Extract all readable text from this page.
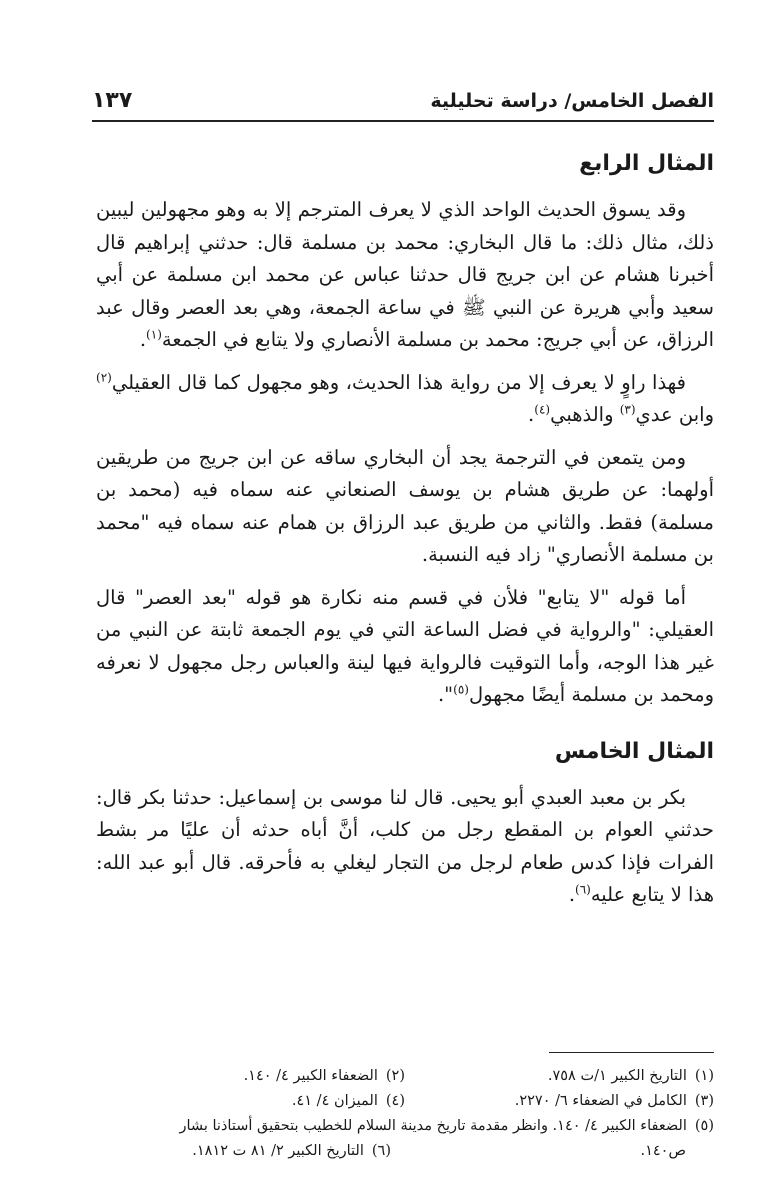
الفصل الخامس/ دراسة تحليلية
١٣٧
المثال الرابع

وقد يسوق الحديث الواحد الذي لا يعرف المترجم إلا به وهو مجهولين ليبين ذلك، مثال ذلك: ما قال البخاري: محمد بن مسلمة قال: حدثني إبراهيم قال أخبرنا هشام عن ابن جريج قال حدثنا عباس عن محمد ابن مسلمة عن أبي سعيد وأبي هريرة عن النبي ﷺ في ساعة الجمعة، وهي بعد العصر وقال عبد الرزاق، عن أبي جريج: محمد بن مسلمة الأنصاري ولا يتابع في الجمعة$^{(١)}$.

فهذا راوٍ لا يعرف إلا من رواية هذا الحديث، وهو مجهول كما قال العقيلي$^{(٢)}$ وابن عدي$^{(٣)}$ والذهبي$^{(٤)}$.

ومن يتمعن في الترجمة يجد أن البخاري ساقه عن ابن جريج من طريقين أولهما: عن طريق هشام بن يوسف الصنعاني عنه سماه فيه (محمد بن مسلمة) فقط. والثاني من طريق عبد الرزاق بن همام عنه سماه فيه "محمد بن مسلمة الأنصاري" زاد فيه النسبة.

أما قوله "لا يتابع" فلأن في قسم منه نكارة هو قوله "بعد العصر" قال العقيلي: "والرواية في فضل الساعة التي في يوم الجمعة ثابتة عن النبي من غير هذا الوجه، وأما التوقيت فالرواية فيها لينة والعباس رجل مجهول لا نعرفه ومحمد بن مسلمة أيضًا مجهول$^{(٥)}$".

المثال الخامس

بكر بن معبد العبدي أبو يحيى. قال لنا موسى بن إسماعيل: حدثنا بكر قال: حدثني العوام بن المقطع رجل من كلب، أنَّ أباه حدثه أن عليًا مر بشط الفرات فإذا كدس طعام لرجل من التجار ليغلي به فأحرقه. قال أبو عبد الله: هذا لا يتابع عليه$^{(٦)}$.

(١)التاريخ الكبير ١/ت ٧٥٨.
(٢)الضعفاء الكبير ٤/ ١٤٠.
(٣)الكامل في الضعفاء ٦/ ٢٢٧٠.
(٤)الميزان ٤/ ٤١.
(٥)الضعفاء الكبير ٤/ ١٤٠. وانظر مقدمة تاريخ مدينة السلام للخطيب بتحقيق أستاذنا بشار
ص١٤٠.
(٦)التاريخ الكبير ٢/ ٨١ ت ١٨١٢.
